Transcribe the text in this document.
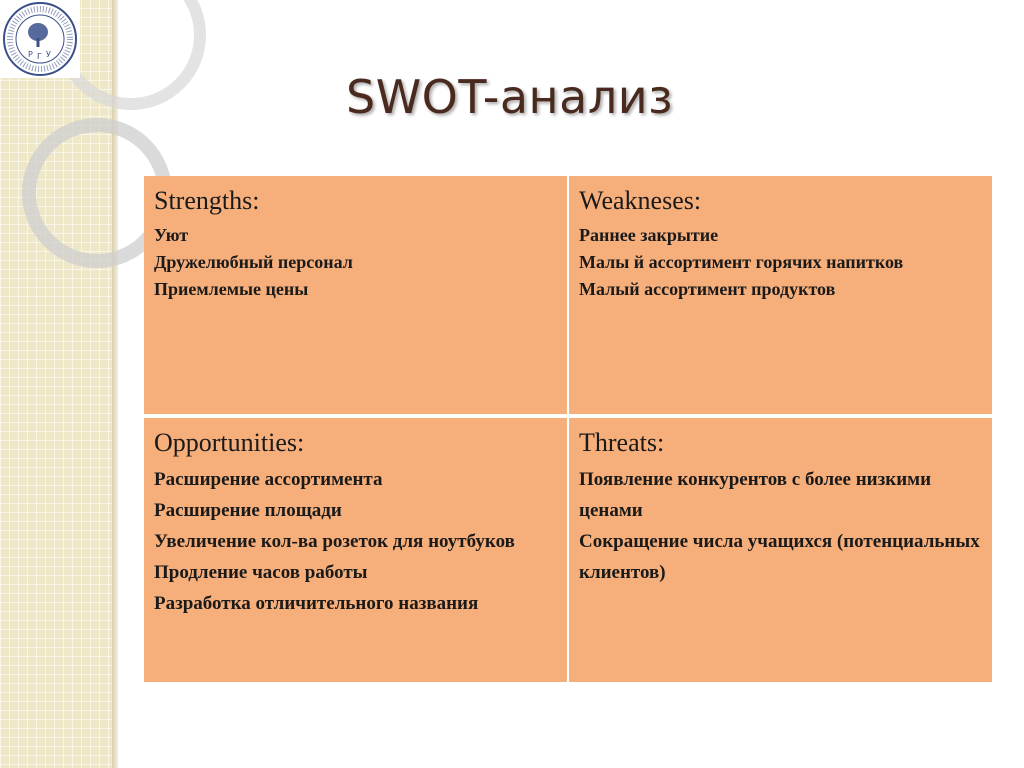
Р Г У
SWOT-анализ
Strengths:
Уют
Дружелюбный персонал
Приемлемые цены
Weakneses:
Раннее закрытие
Малы й ассортимент горячих напитков
Малый ассортимент продуктов
Opportunities:
Расширение ассортимента
Расширение площади
Увеличение кол-ва розеток для ноутбуков
Продление часов работы
Разработка отличительного названия
Threats:
Появление конкурентов с более низкими ценами
Сокращение числа учащихся (потенциальных клиентов)
